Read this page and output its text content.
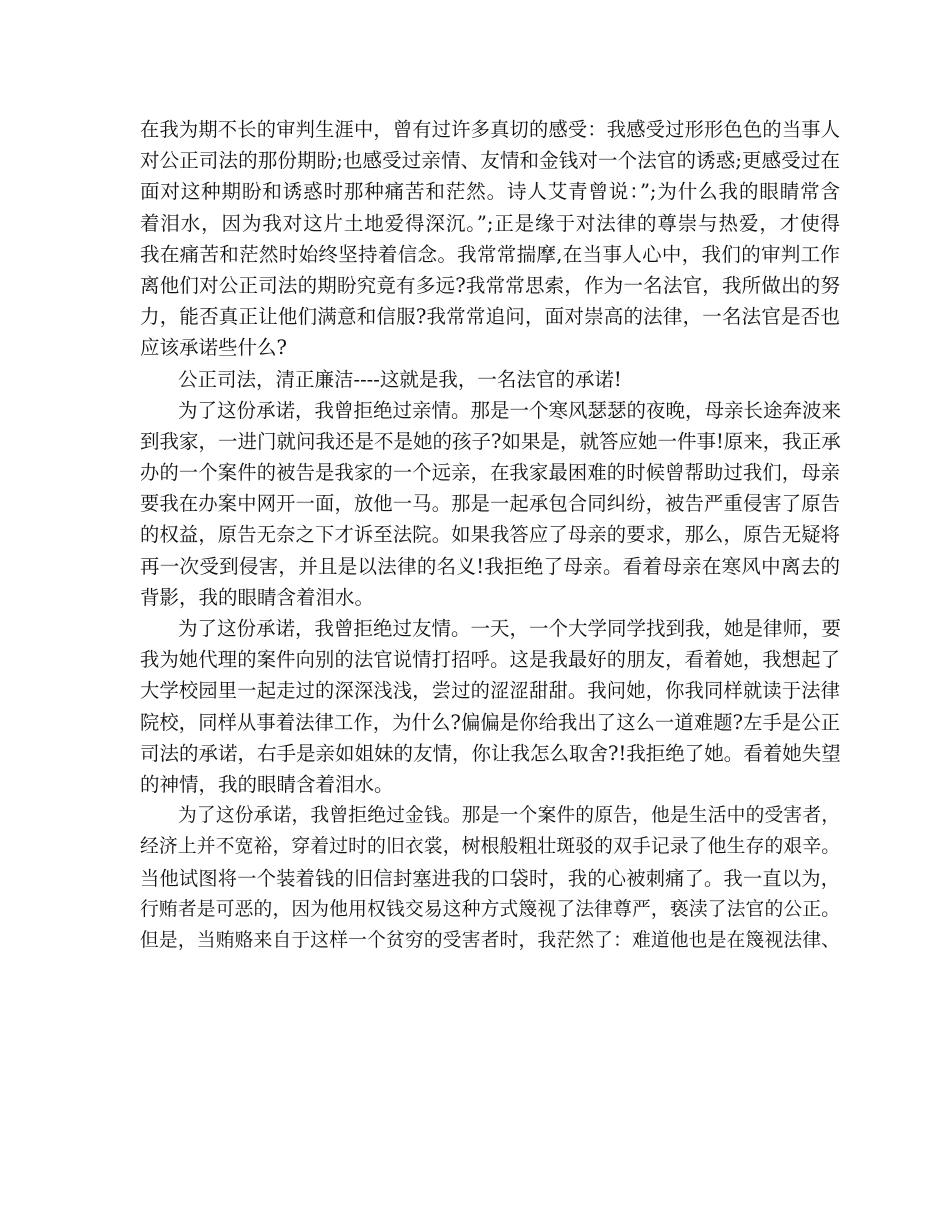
在我为期不长的审判生涯中，曾有过许多真切的感受：我感受过形形色色的当事人
对公正司法的那份期盼;也感受过亲情、友情和金钱对一个法官的诱惑;更感受过在
面对这种期盼和诱惑时那种痛苦和茫然。诗人艾青曾说：”;为什么我的眼睛常含
着泪水，因为我对这片土地爱得深沉。”;正是缘于对法律的尊崇与热爱，才使得
我在痛苦和茫然时始终坚持着信念。我常常揣摩,在当事人心中，我们的审判工作
离他们对公正司法的期盼究竟有多远?我常常思索，作为一名法官，我所做出的努
力，能否真正让他们满意和信服?我常常追问，面对崇高的法律，一名法官是否也
应该承诺些什么?
公正司法，清正廉洁----这就是我，一名法官的承诺!
为了这份承诺，我曾拒绝过亲情。那是一个寒风瑟瑟的夜晚，母亲长途奔波来
到我家，一进门就问我还是不是她的孩子?如果是，就答应她一件事!原来，我正承
办的一个案件的被告是我家的一个远亲，在我家最困难的时候曾帮助过我们，母亲
要我在办案中网开一面，放他一马。那是一起承包合同纠纷，被告严重侵害了原告
的权益，原告无奈之下才诉至法院。如果我答应了母亲的要求，那么，原告无疑将
再一次受到侵害，并且是以法律的名义!我拒绝了母亲。看着母亲在寒风中离去的
背影，我的眼睛含着泪水。
为了这份承诺，我曾拒绝过友情。一天，一个大学同学找到我，她是律师，要
我为她代理的案件向别的法官说情打招呼。这是我最好的朋友，看着她，我想起了
大学校园里一起走过的深深浅浅，尝过的涩涩甜甜。我问她，你我同样就读于法律
院校，同样从事着法律工作，为什么?偏偏是你给我出了这么一道难题?左手是公正
司法的承诺，右手是亲如姐妹的友情，你让我怎么取舍?!我拒绝了她。看着她失望
的神情，我的眼睛含着泪水。
为了这份承诺，我曾拒绝过金钱。那是一个案件的原告，他是生活中的受害者，
经济上并不宽裕，穿着过时的旧衣裳，树根般粗壮斑驳的双手记录了他生存的艰辛。
当他试图将一个装着钱的旧信封塞进我的口袋时，我的心被刺痛了。我一直以为，
行贿者是可恶的，因为他用权钱交易这种方式篾视了法律尊严，亵渎了法官的公正。
但是，当贿赂来自于这样一个贫穷的受害者时，我茫然了：难道他也是在篾视法律、
